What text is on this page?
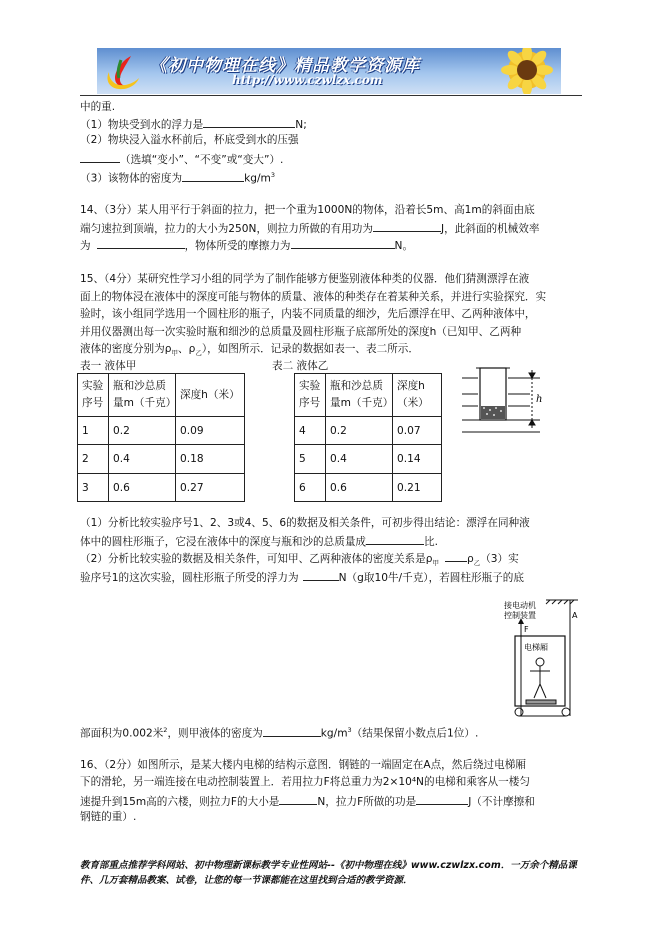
《初中物理在线》精品教学资源库
http://www.czwlzx.com
中的重.
（1）物块受到水的浮力是	N;
（2）物块浸入溢水杯前后，杯底受到水的压强
（选填“变小”、“不变”或“变大”）.
（3）该物体的密度为	$kg/m^3$
14、（3分）某人用平行于斜面的拉力，把一个重为1000N的物体，沿着长5m、高1m的斜面由底
端匀速拉到顶端，拉力的大小为250N，则拉力所做的有用功为	J，此斜面的机械效率
为	，物体所受的摩擦力为	N。
15、（4分）某研究性学习小组的同学为了制作能够方便鉴别液体种类的仪器．他们猜测漂浮在液
面上的物体浸在液体中的深度可能与物体的质量、液体的种类存在着某种关系，并进行实验探究．实
验时，该小组同学选用一个圆柱形的瓶子，内装不同质量的细沙，先后漂浮在甲、乙两种液体中，
并用仪器测出每一次实验时瓶和细沙的总质量及圆柱形瓶子底部所处的深度h（已知甲、乙两种
液体的密度分别为$\rho_甲$、$\rho_乙$），如图所示．记录的数据如表一、表二所示．
表一 液体甲	表二 液体乙
实验序号	瓶和沙总质量m（千克）	深度h（米）
1	0.2	0.09
2	0.4	0.18
3	0.6	0.27
实验序号	瓶和沙总质量m（千克）	深度h（米）
4	0.2	0.07
5	0.4	0.14
6	0.6	0.21
h
（1）分析比较实验序号1、2、3或4、5、6的数据及相关条件，可初步得出结论：漂浮在同种液
体中的圆柱形瓶子，它浸在液体中的深度与瓶和沙的总质量成	比.
（2）分析比较实验的数据及相关条件，可知甲、乙两种液体的密度关系是$\rho_甲$	$\rho_乙(3)$实
验序号1的这次实验，圆柱形瓶子所受的浮力为	N（g取10牛/千克），若圆柱形瓶子的底
接电动机
控制装置	A
F
电梯厢
部面积为0.002米$^2$，则甲液体的密度为	$kg/m^3$（结果保留小数点后1位）.
16、（2分）如图所示，是某大楼内电梯的结构示意图．钢链的一端固定在A点，然后绕过电梯厢
下的滑轮，另一端连接在电动控制装置上．若用拉力F将总重力为2×10⁴N的电梯和乘客从一楼匀
速提升到15m高的六楼，则拉力F的大小是	N，拉力F所做的功是	J（不计摩擦和
钢链的重）.
教育部重点推荐学科网站、初中物理新课标教学专业性网站--《初中物理在线》www.czwlzx.com．一万余个精品课
件、几万套精品教案、试卷，让您的每一节课都能在这里找到合适的教学资源．
